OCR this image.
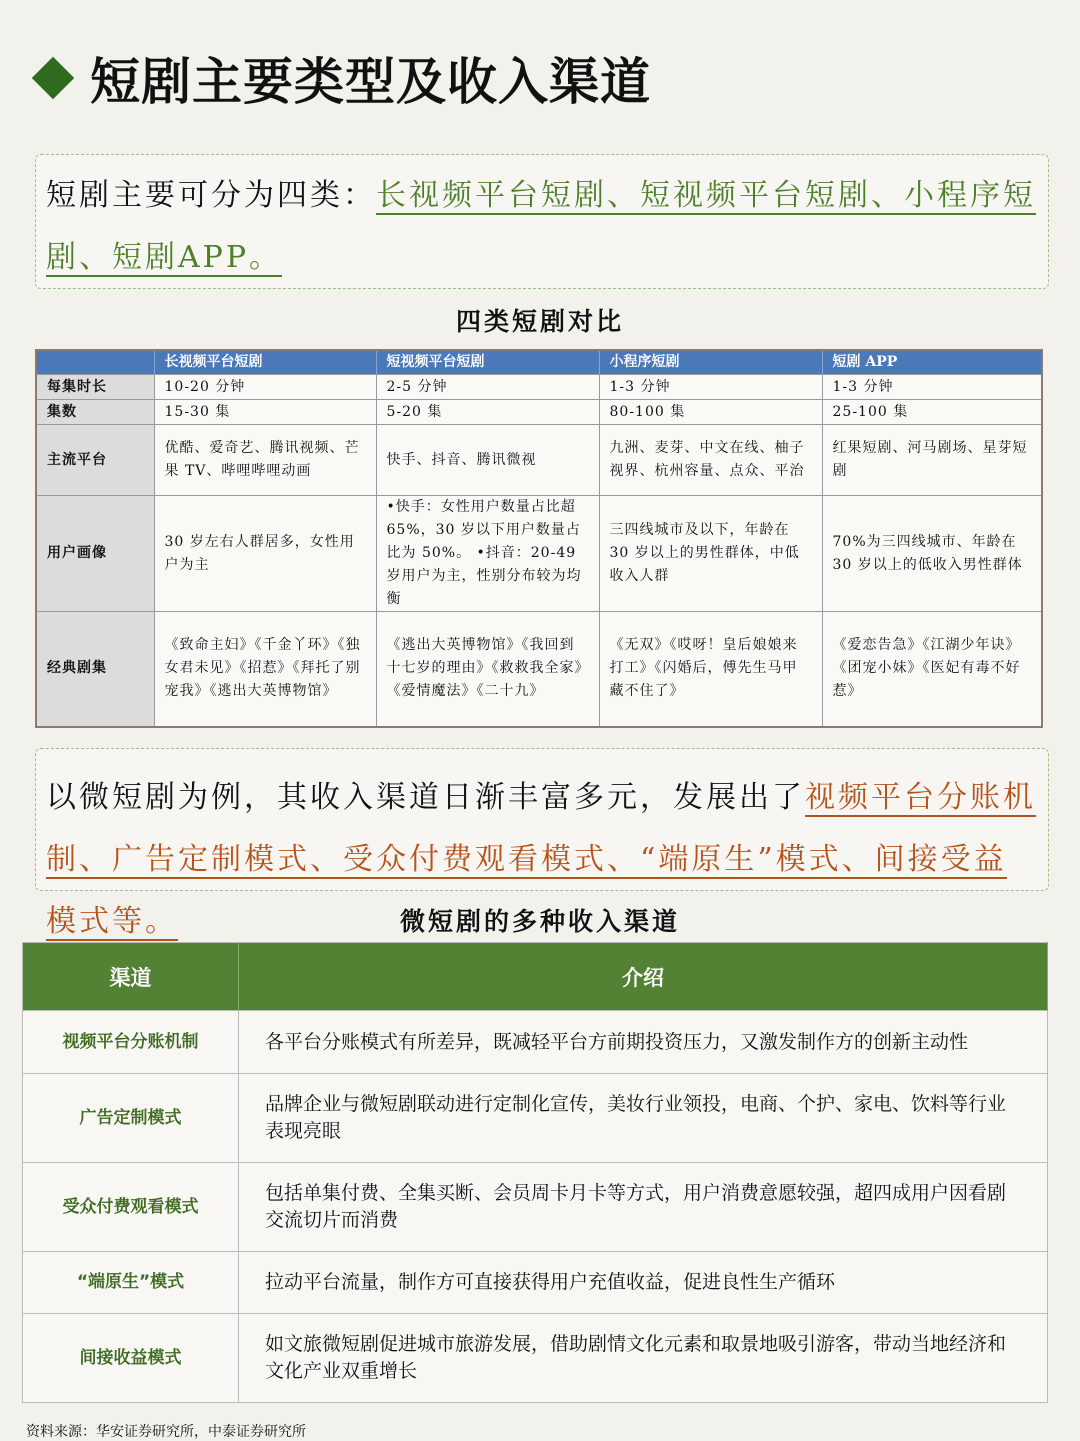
短剧主要类型及收入渠道
短剧主要可分为四类：长视频平台短剧、短视频平台短剧、小程序短剧、短剧APP。
四类短剧对比
	长视频平台短剧	短视频平台短剧	小程序短剧	短剧 APP
每集时长	10-20 分钟	2-5 分钟	1-3 分钟	1-3 分钟
集数	15-30 集	5-20 集	80-100 集	25-100 集
主流平台	优酷、爱奇艺、腾讯视频、芒果 TV、哔哩哔哩动画	快手、抖音、腾讯微视	九洲、麦芽、中文在线、柚子视界、杭州容量、点众、平治	红果短剧、河马剧场、星芽短剧
用户画像	30 岁左右人群居多，女性用户为主	•快手：女性用户数量占比超 65%，30 岁以下用户数量占比为 50%。 •抖音：20-49 岁用户为主，性别分布较为均衡	三四线城市及以下，年龄在 30 岁以上的男性群体，中低收入人群	70%为三四线城市、年龄在 30 岁以上的低收入男性群体
经典剧集	《致命主妇》《千金丫环》《独女君未见》《招惹》《拜托了别宠我》《逃出大英博物馆》	《逃出大英博物馆》《我回到十七岁的理由》《救救我全家》《爱情魔法》《二十九》	《无双》《哎呀！皇后娘娘来打工》《闪婚后，傅先生马甲藏不住了》	《爱恋告急》《江湖少年诀》《团宠小妹》《医妃有毒不好惹》
以微短剧为例，其收入渠道日渐丰富多元，发展出了视频平台分账机制、广告定制模式、受众付费观看模式、“端原生”模式、间接受益模式等。	微短剧的多种收入渠道
渠道	介绍
视频平台分账机制	各平台分账模式有所差异，既减轻平台方前期投资压力，又激发制作方的创新主动性
广告定制模式	品牌企业与微短剧联动进行定制化宣传，美妆行业领投，电商、个护、家电、饮料等行业表现亮眼
受众付费观看模式	包括单集付费、全集买断、会员周卡月卡等方式，用户消费意愿较强，超四成用户因看剧交流切片而消费
“端原生”模式	拉动平台流量，制作方可直接获得用户充值收益，促进良性生产循环
间接收益模式	如文旅微短剧促进城市旅游发展，借助剧情文化元素和取景地吸引游客，带动当地经济和文化产业双重增长
资料来源：华安证券研究所，中泰证券研究所
